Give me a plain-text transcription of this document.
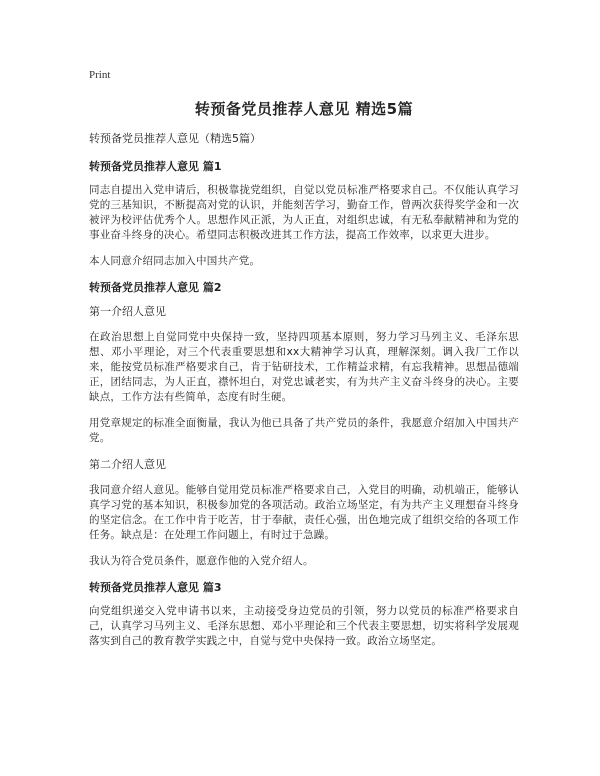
Print
转预备党员推荐人意见 精选5篇
转预备党员推荐人意见（精选5篇）
转预备党员推荐人意见 篇1

同志自提出入党申请后，积极靠拢党组织，自觉以党员标准严格要求自己。不仅能认真学习党的三基知识，不断提高对党的认识，并能刻苦学习，勤奋工作，曾两次获得奖学金和一次被评为校评估优秀个人。思想作风正派，为人正直，对组织忠诚，有无私奉献精神和为党的事业奋斗终身的决心。希望同志积极改进其工作方法，提高工作效率，以求更大进步。

本人同意介绍同志加入中国共产党。

转预备党员推荐人意见 篇2
第一介绍人意见

在政治思想上自觉同党中央保持一致，坚持四项基本原则，努力学习马列主义、毛泽东思想、邓小平理论，对三个代表重要思想和xx大精神学习认真，理解深刻。调入我厂工作以来，能按党员标准严格要求自己，肯于钻研技术，工作精益求精，有忘我精神。思想品德端正，团结同志，为人正直，襟怀坦白，对党忠诚老实，有为共产主义奋斗终身的决心。主要缺点，工作方法有些简单，态度有时生硬。

用党章规定的标准全面衡量，我认为他已具备了共产党员的条件，我愿意介绍加入中国共产党。

第二介绍人意见

我同意介绍人意见。能够自觉用党员标准严格要求自己，入党目的明确，动机端正，能够认真学习党的基本知识，积极参加党的各项活动。政治立场坚定，有为共产主义理想奋斗终身的坚定信念。在工作中肯于吃苦，甘于奉献，责任心强，出色地完成了组织交给的各项工作任务。缺点是：在处理工作问题上，有时过于急躁。

我认为符合党员条件，愿意作他的入党介绍人。

转预备党员推荐人意见 篇3

向党组织递交入党申请书以来，主动接受身边党员的引领，努力以党员的标准严格要求自己，认真学习马列主义、毛泽东思想、邓小平理论和三个代表主要思想，切实将科学发展观落实到自己的教育教学实践之中，自觉与党中央保持一致。政治立场坚定。
